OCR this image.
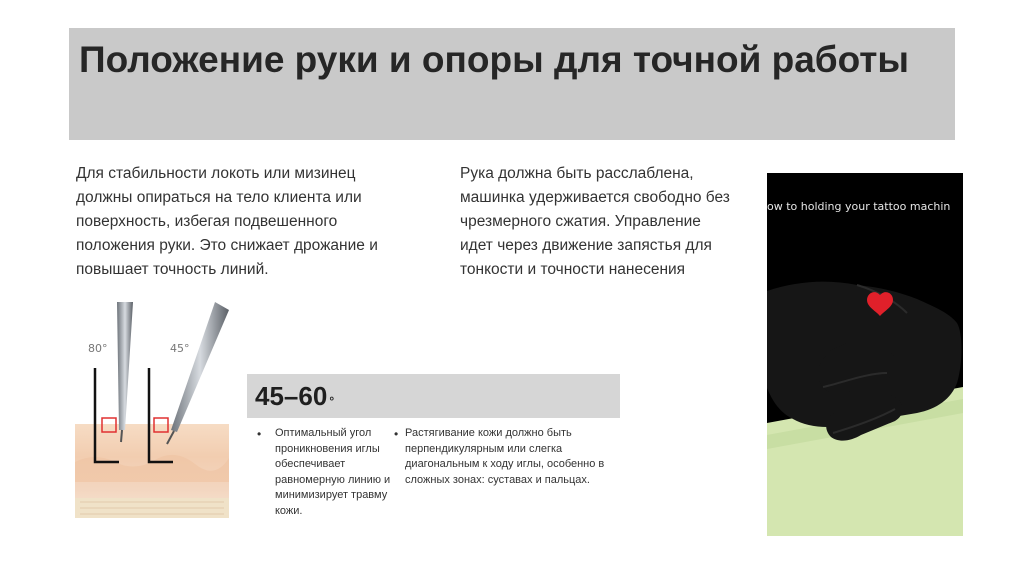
Положение руки и опоры для точной работы
Для стабильности локоть или мизинец должны опираться на тело клиента или поверхность, избегая подвешенного положения руки. Это снижает дрожание и повышает точность линий.
Рука должна быть расслаблена, машинка удерживается свободно без чрезмерного сжатия. Управление идет через движение запястья для тонкости и точности нанесения
80°	45°
45–60 °
• Оптимальный угол проникновения иглы обеспечивает равномерную линию и минимизирует травму кожи.
• Растягивание кожи должно быть перпендикулярным или слегка диагональным к ходу иглы, особенно в сложных зонах: суставах и пальцах.
ow to holding your tattoo machin
